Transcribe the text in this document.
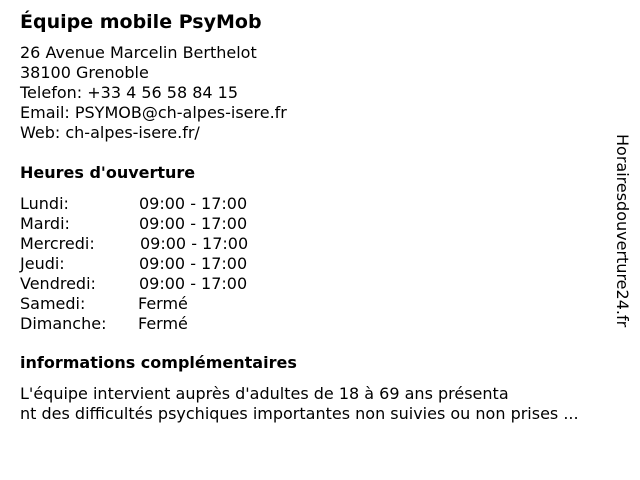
Équipe mobile PsyMob
26 Avenue Marcelin Berthelot
38100 Grenoble
Telefon: +33 4 56 58 84 15
Email: PSYMOB@ch-alpes-isere.fr
Web: ch-alpes-isere.fr/
Heures d'ouverture
Lundi:	09:00 - 17:00
Mardi:	09:00 - 17:00
Mercredi:	09:00 - 17:00
Jeudi:	09:00 - 17:00
Vendredi:	09:00 - 17:00
Samedi:	Fermé
Dimanche: Fermé
informations complémentaires
L'équipe intervient auprès d'adultes de 18 à 69 ans présenta
nt des difficultés psychiques importantes non suivies ou non prises ...
Horairesdouverture24.fr
